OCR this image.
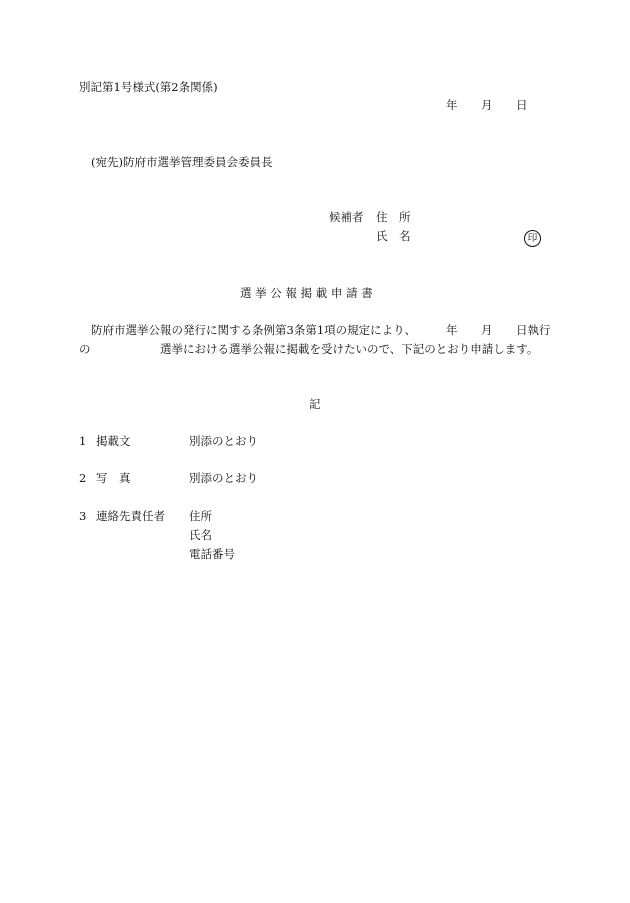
別記第1号様式(第2条関係)
年 月 日
(宛先)防府市選挙管理委員会委員長
候補者 住　所
氏　名	印
選 挙 公 報 掲 載 申 請 書
防府市選挙公報の発行に関する条例第3条第1項の規定により、	年 月 日執行
の	選挙における選挙公報に掲載を受けたいので、下記のとおり申請します。
記
1 掲載文	別添のとおり
2 写　真	別添のとおり
3 連絡先責任者 住所
氏名
電話番号
